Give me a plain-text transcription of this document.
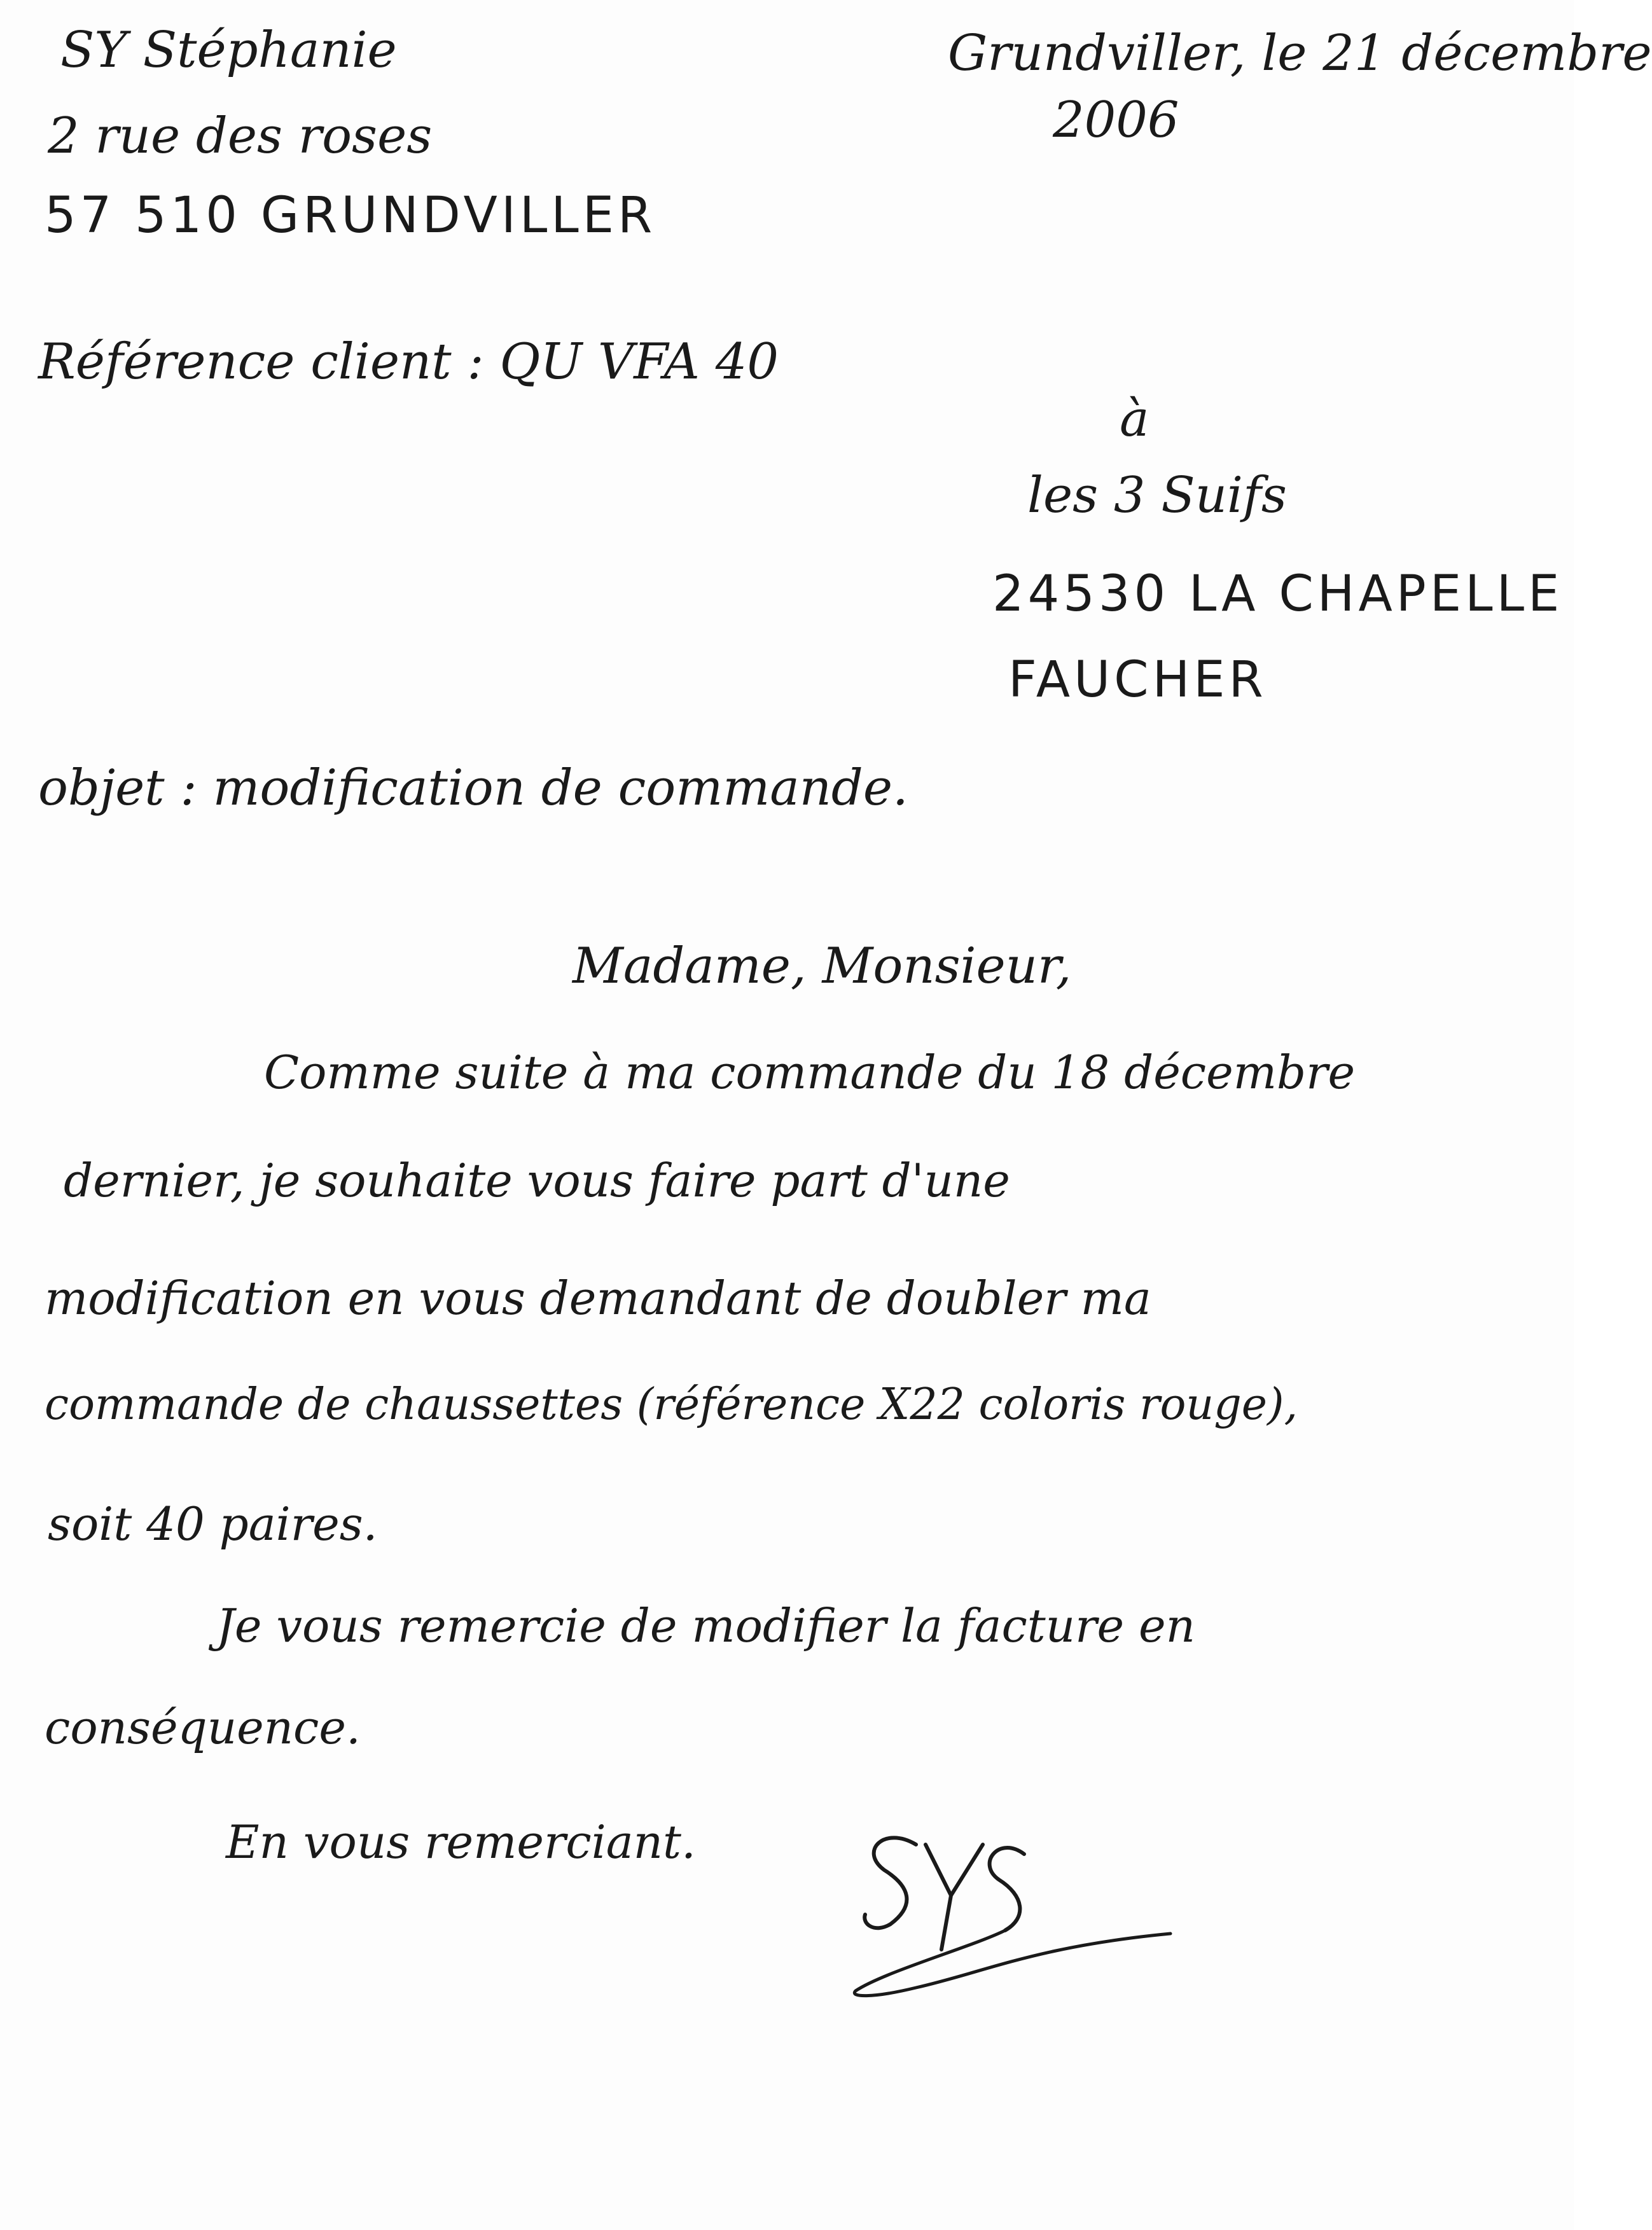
SY Stéphanie
2 rue des roses
57 510 GRUNDVILLER
Grundviller, le 21 décembre
2006
Référence client : QU VFA 40
à
les 3 Suifs
24530 LA CHAPELLE
FAUCHER
objet : modification de commande.
Madame, Monsieur,
Comme suite à ma commande du 18 décembre
dernier, je souhaite vous faire part d'une
modification en vous demandant de doubler ma
commande de chaussettes (référence X22 coloris rouge),
soit 40 paires.
Je vous remercie de modifier la facture en
conséquence.
En vous remerciant.
